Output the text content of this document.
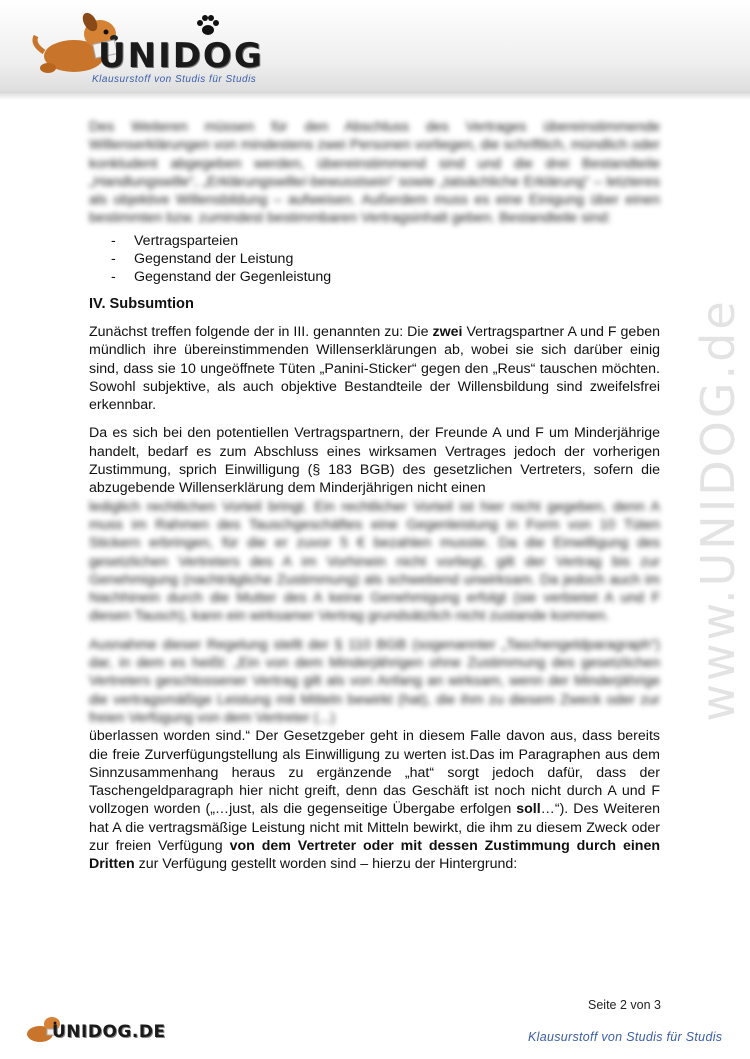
UNIDOG
Klausurstoff von Studis für Studis
www.UNIDOG.de

Des Weiteren müssen für den Abschluss des Vertrages übereinstimmende Willenserklärungen von mindestens zwei Personen vorliegen, die schriftlich, mündlich oder konkludent abgegeben werden, übereinstimmend sind und die drei Bestandteile „Handlungswille“, „Erklärungswille/-bewusstsein“ sowie „tatsächliche Erklärung“ – letzteres als objektive Willensbildung – aufweisen. Außerdem muss es eine Einigung über einen bestimmten bzw. zumindest bestimmbaren Vertragsinhalt geben. Bestandteile sind:

- Vertragsparteien
- Gegenstand der Leistung
- Gegenstand der Gegenleistung
IV. Subsumtion

Zunächst treffen folgende der in III. genannten zu: Die zwei Vertragspartner A und F geben mündlich ihre übereinstimmenden Willenserklärungen ab, wobei sie sich darüber einig sind, dass sie 10 ungeöffnete Tüten „Panini-Sticker“ gegen den „Reus“ tauschen möchten. Sowohl subjektive, als auch objektive Bestandteile der Willensbildung sind zweifelsfrei erkennbar.

Da es sich bei den potentiellen Vertragspartnern, der Freunde A und F um Minderjährige handelt, bedarf es zum Abschluss eines wirksamen Vertrages jedoch der vorherigen Zustimmung, sprich Einwilligung (§ 183 BGB) des gesetzlichen Vertreters, sofern die abzugebende Willenserklärung dem Minderjährigen nicht einen

lediglich rechtlichen Vorteil bringt. Ein rechtlicher Vorteil ist hier nicht gegeben, denn A muss im Rahmen des Tauschgeschäftes eine Gegenleistung in Form von 10 Tüten Stickern erbringen, für die er zuvor 5 € bezahlen musste. Da die Einwilligung des gesetzlichen Vertreters des A im Vorhinein nicht vorliegt, gilt der Vertrag bis zur Genehmigung (nachträgliche Zustimmung) als schwebend unwirksam. Da jedoch auch im Nachhinein durch die Mutter des A keine Genehmigung erfolgt (sie verbietet A und F diesen Tausch), kann ein wirksamer Vertrag grundsätzlich nicht zustande kommen.

Ausnahme dieser Regelung stellt der § 110 BGB (sogenannter „Taschengeldparagraph“) dar, in dem es heißt: „Ein von dem Minderjährigen ohne Zustimmung des gesetzlichen Vertreters geschlossener Vertrag gilt als von Anfang an wirksam, wenn der Minderjährige die vertragsmäßige Leistung mit Mitteln bewirkt (hat), die ihm zu diesem Zweck oder zur freien Verfügung von dem Vertreter (...)

überlassen worden sind.“ Der Gesetzgeber geht in diesem Falle davon aus, dass bereits die freie Zurverfügungstellung als Einwilligung zu werten ist.Das im Paragraphen aus dem Sinnzusammenhang heraus zu ergänzende „hat“ sorgt jedoch dafür, dass der Taschengeldparagraph hier nicht greift, denn das Geschäft ist noch nicht durch A und F vollzogen worden („…just, als die gegenseitige Übergabe erfolgen soll…“). Des Weiteren hat A die vertragsmäßige Leistung nicht mit Mitteln bewirkt, die ihm zu diesem Zweck oder zur freien Verfügung von dem Vertreter oder mit dessen Zustimmung durch einen Dritten zur Verfügung gestellt worden sind – hierzu der Hintergrund:

Seite 2 von 3
UNIDOG.DE	Klausurstoff von Studis für Studis
